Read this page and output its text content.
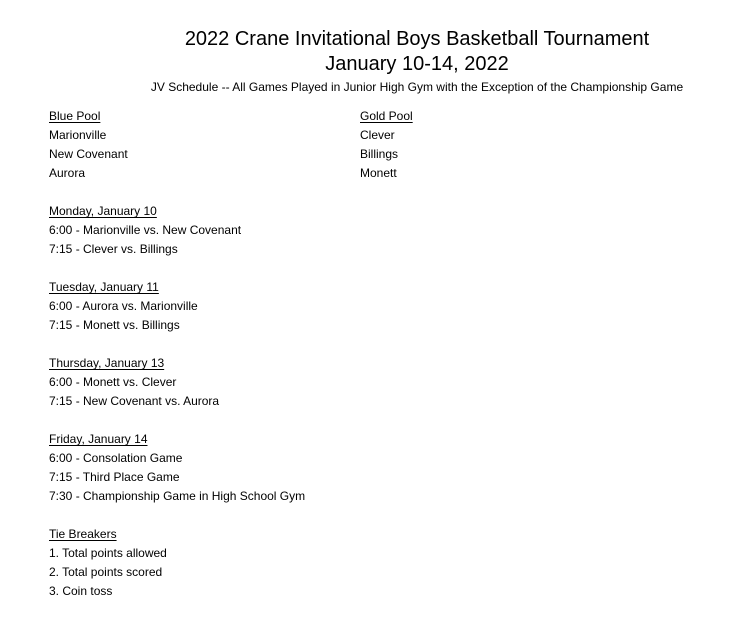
2022 Crane Invitational Boys Basketball Tournament
January 10-14, 2022
JV Schedule -- All Games Played in Junior High Gym with the Exception of the Championship Game
Blue Pool
Marionville
New Covenant
Aurora
Monday, January 10
6:00 - Marionville vs. New Covenant
7:15 - Clever vs. Billings
Tuesday, January 11
6:00 - Aurora vs. Marionville
7:15 - Monett vs. Billings
Thursday, January 13
6:00 - Monett vs. Clever
7:15 - New Covenant vs. Aurora
Friday, January 14
6:00 - Consolation Game
7:15 - Third Place Game
7:30 - Championship Game in High School Gym
Tie Breakers
1. Total points allowed
2. Total points scored
3. Coin toss
Gold Pool
Clever
Billings
Monett
